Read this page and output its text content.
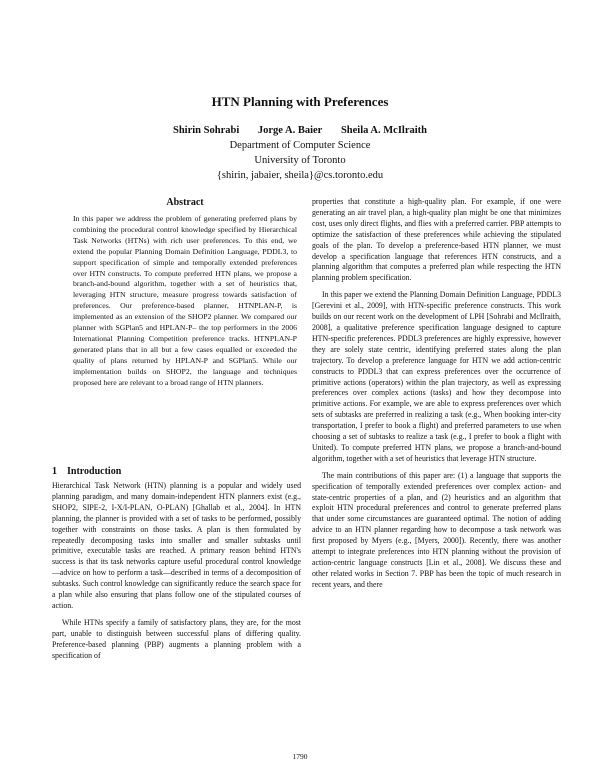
HTN Planning with Preferences
Shirin Sohrabi Jorge A. Baier Sheila A. McIlraith
Department of Computer Science
University of Toronto
{shirin, jabaier, sheila}@cs.toronto.edu
Abstract
In this paper we address the problem of generating preferred plans by combining the procedural control knowledge specified by Hierarchical Task Networks (HTNs) with rich user preferences. To this end, we extend the popular Planning Domain Definition Language, PDDL3, to support specification of simple and temporally extended preferences over HTN constructs. To compute preferred HTN plans, we propose a branch-and-bound algorithm, together with a set of heuristics that, leveraging HTN structure, measure progress towards satisfaction of preferences. Our preference-based planner, HTNPLAN-P, is implemented as an extension of the SHOP2 planner. We compared our planner with SGPlan5 and HPLAN-P– the top performers in the 2006 International Planning Competition preference tracks. HTNPLAN-P generated plans that in all but a few cases equalled or exceeded the quality of plans returned by HPLAN-P and SGPlan5. While our implementation builds on SHOP2, the language and techniques proposed here are relevant to a broad range of HTN planners.
1 Introduction

Hierarchical Task Network (HTN) planning is a popular and widely used planning paradigm, and many domain-independent HTN planners exist (e.g., SHOP2, SIPE-2, I-X/I-PLAN, O-PLAN) [Ghallab et al., 2004]. In HTN planning, the planner is provided with a set of tasks to be performed, possibly together with constraints on those tasks. A plan is then formulated by repeatedly decomposing tasks into smaller and smaller subtasks until primitive, executable tasks are reached. A primary reason behind HTN's success is that its task networks capture useful procedural control knowledge—advice on how to perform a task—described in terms of a decomposition of subtasks. Such control knowledge can significantly reduce the search space for a plan while also ensuring that plans follow one of the stipulated courses of action.

While HTNs specify a family of satisfactory plans, they are, for the most part, unable to distinguish between successful plans of differing quality. Preference-based planning (PBP) augments a planning problem with a specification of

properties that constitute a high-quality plan. For example, if one were generating an air travel plan, a high-quality plan might be one that minimizes cost, uses only direct flights, and flies with a preferred carrier. PBP attempts to optimize the satisfaction of these preferences while achieving the stipulated goals of the plan. To develop a preference-based HTN planner, we must develop a specification language that references HTN constructs, and a planning algorithm that computes a preferred plan while respecting the HTN planning problem specification.

In this paper we extend the Planning Domain Definition Language, PDDL3 [Gerevini et al., 2009], with HTN-specific preference constructs. This work builds on our recent work on the development of LPH [Sohrabi and McIlraith, 2008], a qualitative preference specification language designed to capture HTN-specific preferences. PDDL3 preferences are highly expressive, however they are solely state centric, identifying preferred states along the plan trajectory. To develop a preference language for HTN we add action-centric constructs to PDDL3 that can express preferences over the occurrence of primitive actions (operators) within the plan trajectory, as well as expressing preferences over complex actions (tasks) and how they decompose into primitive actions. For example, we are able to express preferences over which sets of subtasks are preferred in realizing a task (e.g., When booking inter-city transportation, I prefer to book a flight) and preferred parameters to use when choosing a set of subtasks to realize a task (e.g., I prefer to book a flight with United). To compute preferred HTN plans, we propose a branch-and-bound algorithm, together with a set of heuristics that leverage HTN structure.

The main contributions of this paper are: (1) a language that supports the specification of temporally extended preferences over complex action- and state-centric properties of a plan, and (2) heuristics and an algorithm that exploit HTN procedural preferences and control to generate preferred plans that under some circumstances are guaranteed optimal. The notion of adding advice to an HTN planner regarding how to decompose a task network was first proposed by Myers (e.g., [Myers, 2000]). Recently, there was another attempt to integrate preferences into HTN planning without the provision of action-centric language constructs [Lin et al., 2008]. We discuss these and other related works in Section 7. PBP has been the topic of much research in recent years, and there

1790
